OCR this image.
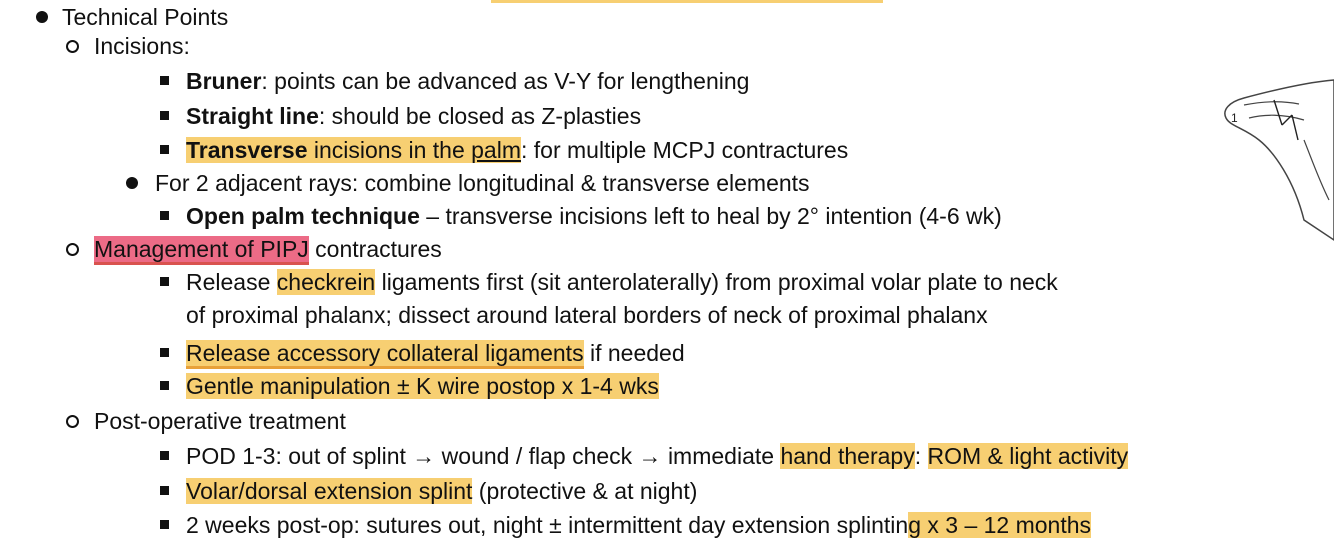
Technical Points
Incisions:
Bruner: points can be advanced as V-Y for lengthening
Straight line: should be closed as Z-plasties
Transverse incisions in the palm: for multiple MCPJ contractures
For 2 adjacent rays: combine longitudinal & transverse elements
Open palm technique – transverse incisions left to heal by 2° intention (4-6 wk)
Management of PIPJ contractures
Release checkrein ligaments first (sit anterolaterally) from proximal volar plate to neck
of proximal phalanx; dissect around lateral borders of neck of proximal phalanx
Release accessory collateral ligaments if needed
Gentle manipulation ± K wire postop x 1-4 wks
Post-operative treatment
POD 1-3: out of splint → wound / flap check → immediate hand therapy: ROM & light activity
Volar/dorsal extension splint (protective & at night)
2 weeks post-op: sutures out, night ± intermittent day extension splinting x 3 – 12 months
1
